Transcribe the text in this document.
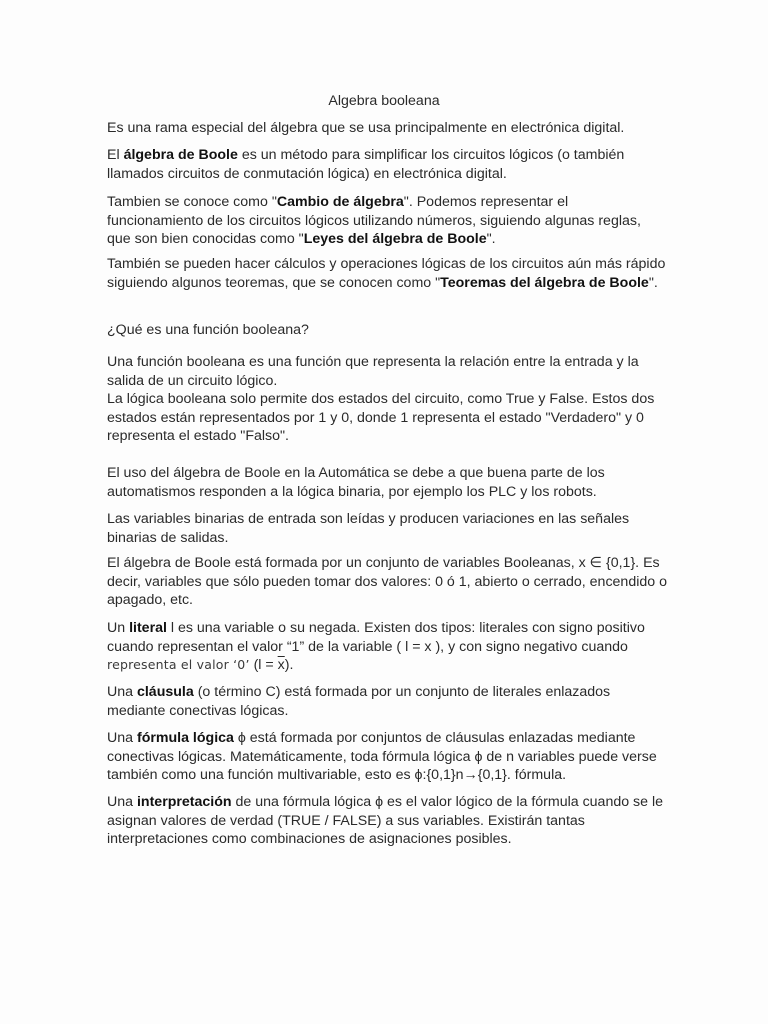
Algebra booleana

Es una rama especial del álgebra que se usa principalmente en electrónica digital.

El álgebra de Boole es un método para simplificar los circuitos lógicos (o también llamados circuitos de conmutación lógica) en electrónica digital.

Tambien se conoce como "Cambio de álgebra". Podemos representar el funcionamiento de los circuitos lógicos utilizando números, siguiendo algunas reglas, que son bien conocidas como "Leyes del álgebra de Boole".

También se pueden hacer cálculos y operaciones lógicas de los circuitos aún más rápido siguiendo algunos teoremas, que se conocen como "Teoremas del álgebra de Boole".

¿Qué es una función booleana?

Una función booleana es una función que representa la relación entre la entrada y la salida de un circuito lógico.
La lógica booleana solo permite dos estados del circuito, como True y False. Estos dos estados están representados por 1 y 0, donde 1 representa el estado "Verdadero" y 0 representa el estado "Falso".

El uso del álgebra de Boole en la Automática se debe a que buena parte de los automatismos responden a la lógica binaria, por ejemplo los PLC y los robots.

Las variables binarias de entrada son leídas y producen variaciones en las señales binarias de salidas.

El álgebra de Boole está formada por un conjunto de variables Booleanas, x ∈ {0,1}. Es decir, variables que sólo pueden tomar dos valores: 0 ó 1, abierto o cerrado, encendido o apagado, etc.

Un literal l es una variable o su negada. Existen dos tipos: literales con signo positivo cuando representan el valor “1” de la variable ( l = x ), y con signo negativo cuando representa el valor ‘0’ $(l = \overline{x})$.

Una cláusula (o término C) está formada por un conjunto de literales enlazados mediante conectivas lógicas.

Una fórmula lógica ϕ está formada por conjuntos de cláusulas enlazadas mediante conectivas lógicas. Matemáticamente, toda fórmula lógica ϕ de n variables puede verse también como una función multivariable, esto es ϕ:{0,1}n→{0,1}. fórmula.

Una interpretación de una fórmula lógica ϕ es el valor lógico de la fórmula cuando se le asignan valores de verdad (TRUE / FALSE) a sus variables. Existirán tantas interpretaciones como combinaciones de asignaciones posibles.
